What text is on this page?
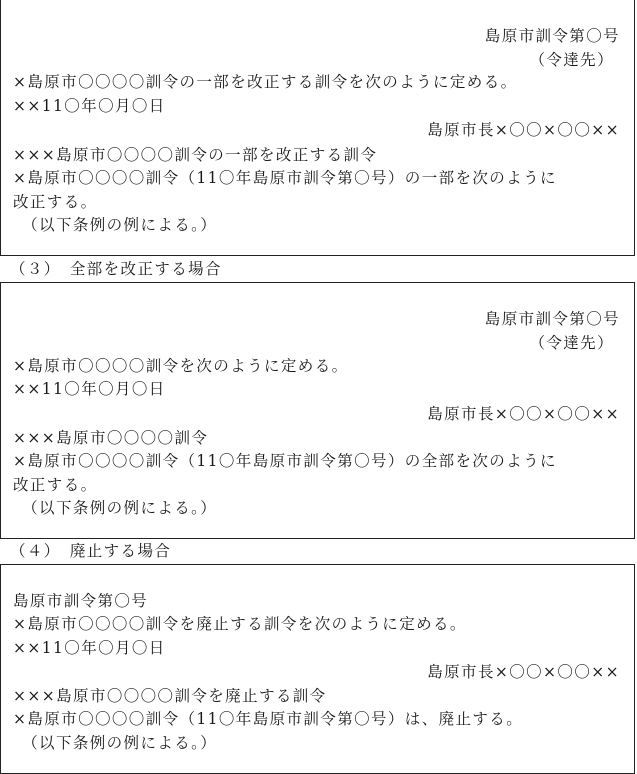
島原市訓令第〇号
（令達先）
×島原市〇〇〇〇訓令の一部を改正する訓令を次のように定める。
××11〇年〇月〇日
島原市長×〇〇×〇〇××
×××島原市〇〇〇〇訓令の一部を改正する訓令
×島原市〇〇〇〇訓令（11〇年島原市訓令第〇号）の一部を次のように
改正する。
　（以下条例の例による。）
（３）　全部を改正する場合
島原市訓令第〇号
（令達先）
×島原市〇〇〇〇訓令を次のように定める。
××11〇年〇月〇日
島原市長×〇〇×〇〇××
×××島原市〇〇〇〇訓令
×島原市〇〇〇〇訓令（11〇年島原市訓令第〇号）の全部を次のように
改正する。
　（以下条例の例による。）
（４）　廃止する場合
島原市訓令第〇号
×島原市〇〇〇〇訓令を廃止する訓令を次のように定める。
××11〇年〇月〇日
島原市長×〇〇×〇〇××
×××島原市〇〇〇〇訓令を廃止する訓令
×島原市〇〇〇〇訓令（11〇年島原市訓令第〇号）は、廃止する。
　（以下条例の例による。）
